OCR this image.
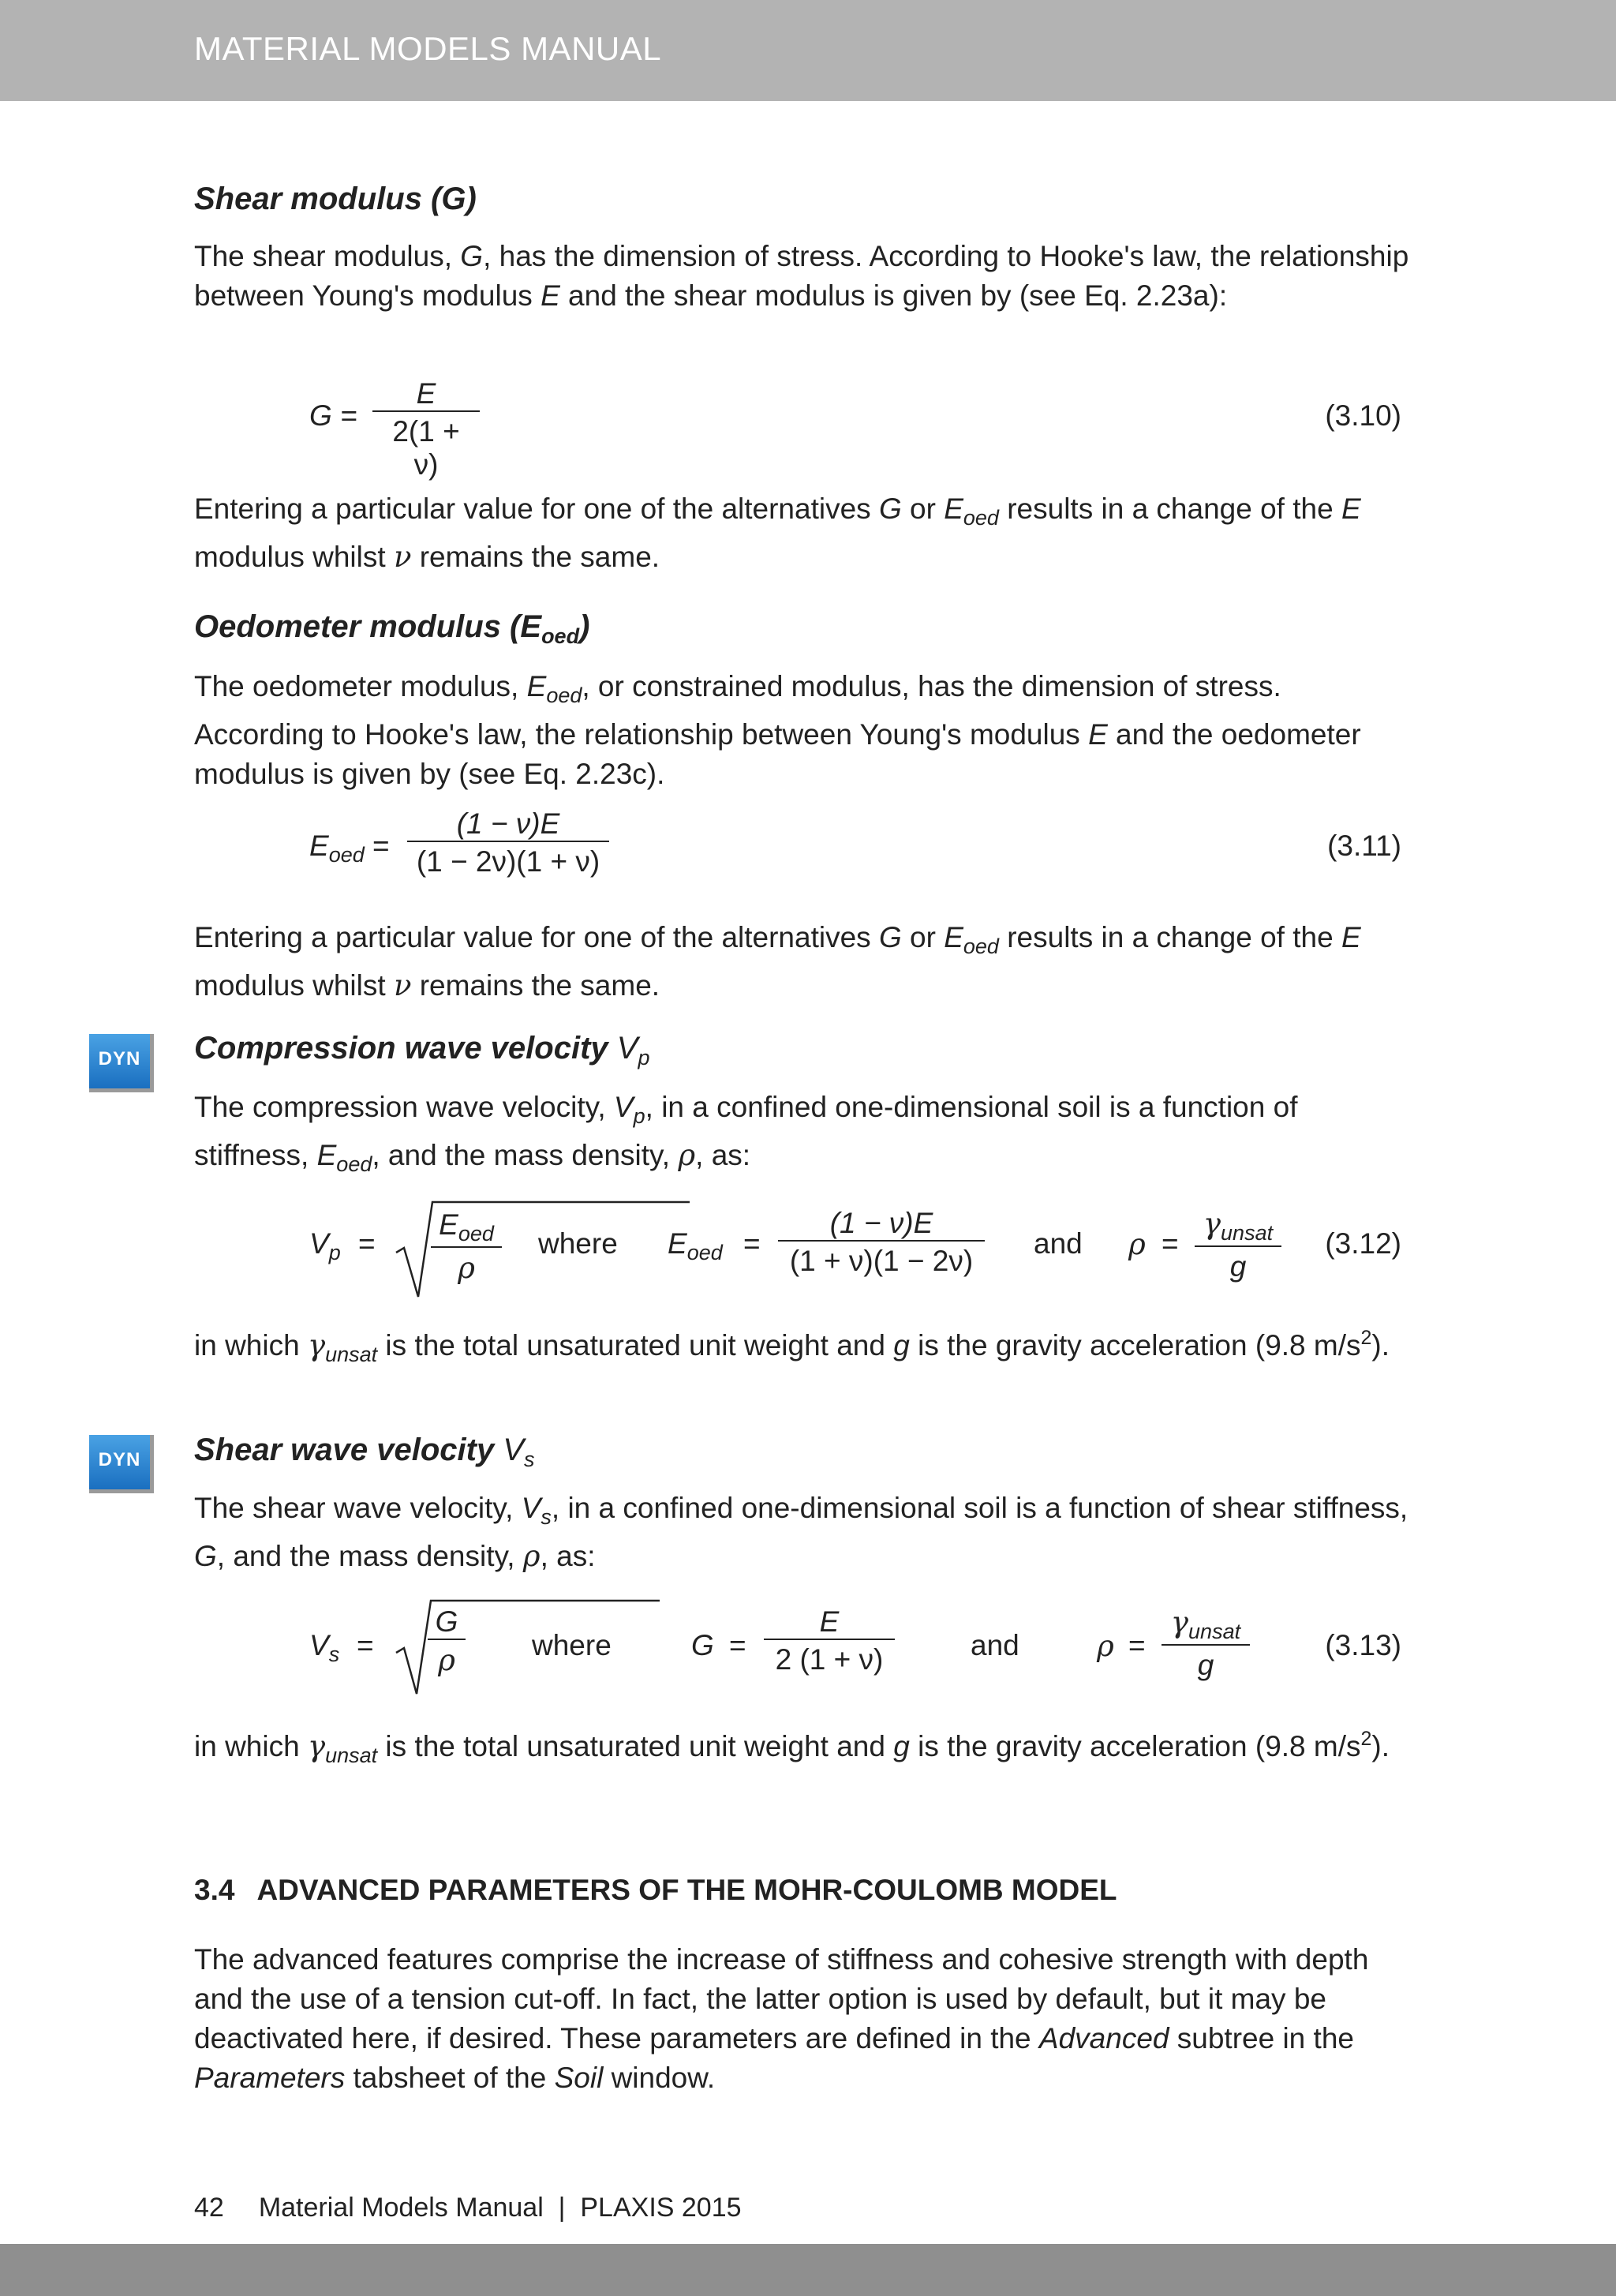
MATERIAL MODELS MANUAL
Shear modulus (G)
The shear modulus, G, has the dimension of stress. According to Hooke's law, the relationship between Young's modulus E and the shear modulus is given by (see Eq. 2.23a):
$G = \frac{E}{2(1 + \nu)}$	(3.10)
Entering a particular value for one of the alternatives G or $E_{oed}$ results in a change of the E modulus whilst ν remains the same.
Oedometer modulus $(E_{oed})$
The oedometer modulus, $E_{oed}$, or constrained modulus, has the dimension of stress. According to Hooke's law, the relationship between Young's modulus E and the oedometer modulus is given by (see Eq. 2.23c).
$E_{oed} = \frac{(1 - \nu)E}{(1 - 2\nu)(1 + \nu)}$	(3.11)
Entering a particular value for one of the alternatives G or $E_{oed}$ results in a change of the E modulus whilst ν remains the same.
DYN	Compression wave velocity $V_p$
The compression wave velocity, $V_p$, in a confined one-dimensional soil is a function of stiffness, $E_{oed}$, and the mass density, ρ, as:
$V_p$ =
$E_{oed}$
ρ
where $E_{oed} = \frac{(1 - \nu)E}{(1 + \nu)(1 - 2\nu)}$ and ρ =
$\gamma_{unsat}$
g
(3.12)
in which $\gamma_{unsat}$ is the total unsaturated unit weight and g is the gravity acceleration (9.8 $m/s^2$).
DYN	Shear wave velocity $V_s$
The shear wave velocity, $V_s$, in a confined one-dimensional soil is a function of shear stiffness, G, and the mass density, ρ, as:
$V_s = \frac{G}{\rho}$ where	$G = \frac{E}{2 (1 + \nu)}$	and	ρ =
$\gamma_{unsat}$
g
(3.13)
in which $\gamma_{unsat}$ is the total unsaturated unit weight and g is the gravity acceleration (9.8 $m/s^2$).
3.4 ADVANCED PARAMETERS OF THE MOHR-COULOMB MODEL
The advanced features comprise the increase of stiffness and cohesive strength with depth and the use of a tension cut-off. In fact, the latter option is used by default, but it may be deactivated here, if desired. These parameters are defined in the Advanced subtree in the Parameters tabsheet of the Soil window.
42 Material Models Manual  |  PLAXIS 2015
